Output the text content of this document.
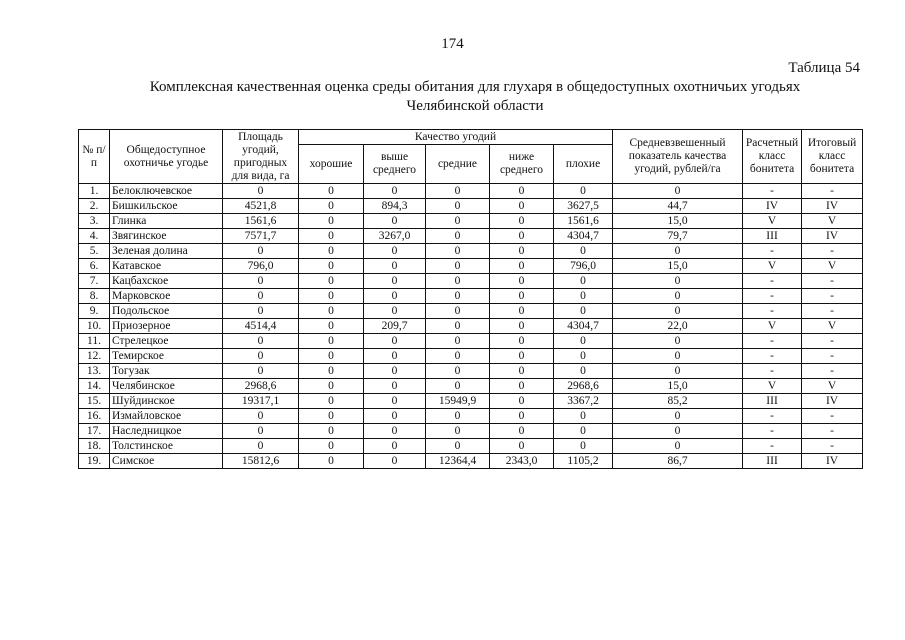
174
Таблица 54
Комплексная качественная оценка среды обитания для глухаря в общедоступных охотничьих угодьях
Челябинской области
№ п/п	Общедоступное охотничье угодье	Площадь угодий, пригодных для вида, га	Качество угодий					Средневзвешенный показатель качества угодий, рублей/га	Расчетный класс бонитета	Итоговый класс бонитета
			хорошие	выше среднего	средние	ниже среднего	плохие			
1.	Белоключевское	0	0	0	0	0	0	0	-	-
2.	Бишкильское	4521,8	0	894,3	0	0	3627,5	44,7	IV	IV
3.	Глинка	1561,6	0	0	0	0	1561,6	15,0	V	V
4.	Звягинское	7571,7	0	3267,0	0	0	4304,7	79,7	III	IV
5.	Зеленая долина	0	0	0	0	0	0	0	-	-
6.	Катавское	796,0	0	0	0	0	796,0	15,0	V	V
7.	Кацбахское	0	0	0	0	0	0	0	-	-
8.	Марковское	0	0	0	0	0	0	0	-	-
9.	Подольское	0	0	0	0	0	0	0	-	-
10.	Приозерное	4514,4	0	209,7	0	0	4304,7	22,0	V	V
11.	Стрелецкое	0	0	0	0	0	0	0	-	-
12.	Темирское	0	0	0	0	0	0	0	-	-
13.	Тогузак	0	0	0	0	0	0	0	-	-
14.	Челябинское	2968,6	0	0	0	0	2968,6	15,0	V	V
15.	Шуйдинское	19317,1	0	0	15949,9	0	3367,2	85,2	III	IV
16.	Измайловское	0	0	0	0	0	0	0	-	-
17.	Наследницкое	0	0	0	0	0	0	0	-	-
18.	Толстинское	0	0	0	0	0	0	0	-	-
19.	Симское	15812,6	0	0	12364,4	2343,0	1105,2	86,7	III	IV
